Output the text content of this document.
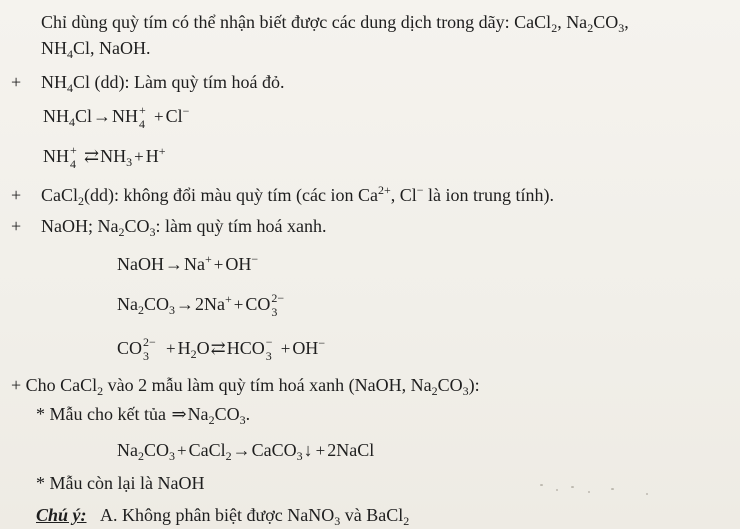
Chỉ dùng quỳ tím có thể nhận biết được các dung dịch trong dãy: CaCl$_2$, $Na_2CO_3$,
$NH_4Cl$, NaOH.
+ $NH_4Cl$ (dd): Làm quỳ tím hoá đỏ.
$NH_4Cl\to NH$ +
4 + Cl−
NH +
4 $⇄NH_3 + H^+$
+ CaCl$_2$(dd): không đổi màu quỳ tím (các ion $Ca^{2+}$, Cl− là ion trung tính).
+ NaOH; $Na_2CO_3$: làm quỳ tím hoá xanh.
NaOH→Na+ + OH−
$Na_2CO_3\to 2Na^+$ + CO 2−
3
CO 2−
$3 + H_2O⇄HCO$ −
3 + OH−
+ Cho CaCl$_2$ vào 2 mẫu làm quỳ tím hoá xanh (NaOH, $Na_2CO_3$):
* Mẫu cho kết tủa $\Rightarrow Na_2CO_3$.
$Na_2CO_3$ + CaCl$_2$→CaCO$_3$↓ + 2NaCl
* Mẫu còn lại là NaOH
Chú ý: A. Không phân biệt được NaNO$_3$ và BaCl$_2$
